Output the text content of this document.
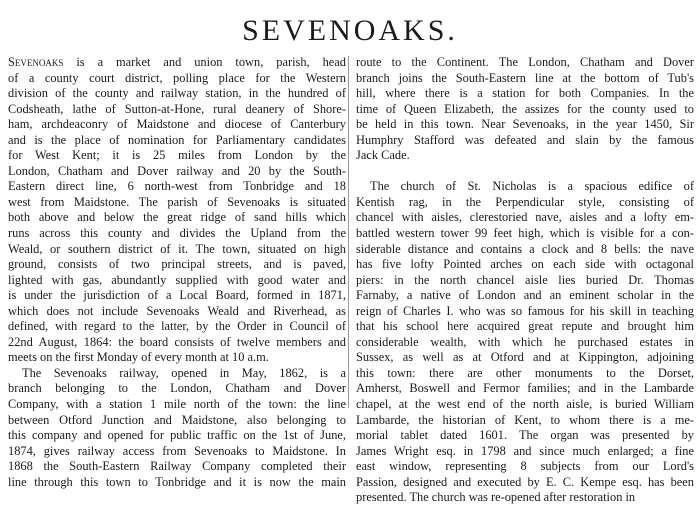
SEVENOAKS.
Sevenoaks is a market and union town, parish, head
of a county court district, polling place for the Western
division of the county and railway station, in the hundred of
Codsheath, lathe of Sutton-at-Hone, rural deanery of Shore-
ham, archdeaconry of Maidstone and diocese of Canterbury
and is the place of nomination for Parliamentary candidates
for West Kent; it is 25 miles from London by the
London, Chatham and Dover railway and 20 by the South-
Eastern direct line, 6 north-west from Tonbridge and 18
west from Maidstone. The parish of Sevenoaks is situated
both above and below the great ridge of sand hills which
runs across this county and divides the Upland from the
Weald, or southern district of it. The town, situated on high
ground, consists of two principal streets, and is paved,
lighted with gas, abundantly supplied with good water and
is under the jurisdiction of a Local Board, formed in 1871,
which does not include Sevenoaks Weald and Riverhead, as
defined, with regard to the latter, by the Order in Council of
22nd August, 1864: the board consists of twelve members and
meets on the first Monday of every month at 10 a.m.
The Sevenoaks railway, opened in May, 1862, is a
branch belonging to the London, Chatham and Dover
Company, with a station 1 mile north of the town: the line
between Otford Junction and Maidstone, also belonging to
this company and opened for public traffic on the 1st of June,
1874, gives railway access from Sevenoaks to Maidstone. In
1868 the South-Eastern Railway Company completed their
line through this town to Tonbridge and it is now the main
route to the Continent. The London, Chatham and Dover
branch joins the South-Eastern line at the bottom of Tub's
hill, where there is a station for both Companies. In the
time of Queen Elizabeth, the assizes for the county used to
be held in this town. Near Sevenoaks, in the year 1450, Sir
Humphry Stafford was defeated and slain by the famous
Jack Cade.
The church of St. Nicholas is a spacious edifice of
Kentish rag, in the Perpendicular style, consisting of
chancel with aisles, clerestoried nave, aisles and a lofty em-
battled western tower 99 feet high, which is visible for a con-
siderable distance and contains a clock and 8 bells: the nave
has five lofty Pointed arches on each side with octagonal
piers: in the north chancel aisle lies buried Dr. Thomas
Farnaby, a native of London and an eminent scholar in the
reign of Charles I. who was so famous for his skill in teaching
that his school here acquired great repute and brought him
considerable wealth, with which he purchased estates in
Sussex, as well as at Otford and at Kippington, adjoining
this town: there are other monuments to the Dorset,
Amherst, Boswell and Fermor families; and in the Lambarde
chapel, at the west end of the north aisle, is buried William
Lambarde, the historian of Kent, to whom there is a me-
morial tablet dated 1601. The organ was presented by
James Wright esq. in 1798 and since much enlarged; a fine
east window, representing 8 subjects from our Lord's
Passion, designed and executed by E. C. Kempe esq. has been
presented. The church was re-opened after restoration in
